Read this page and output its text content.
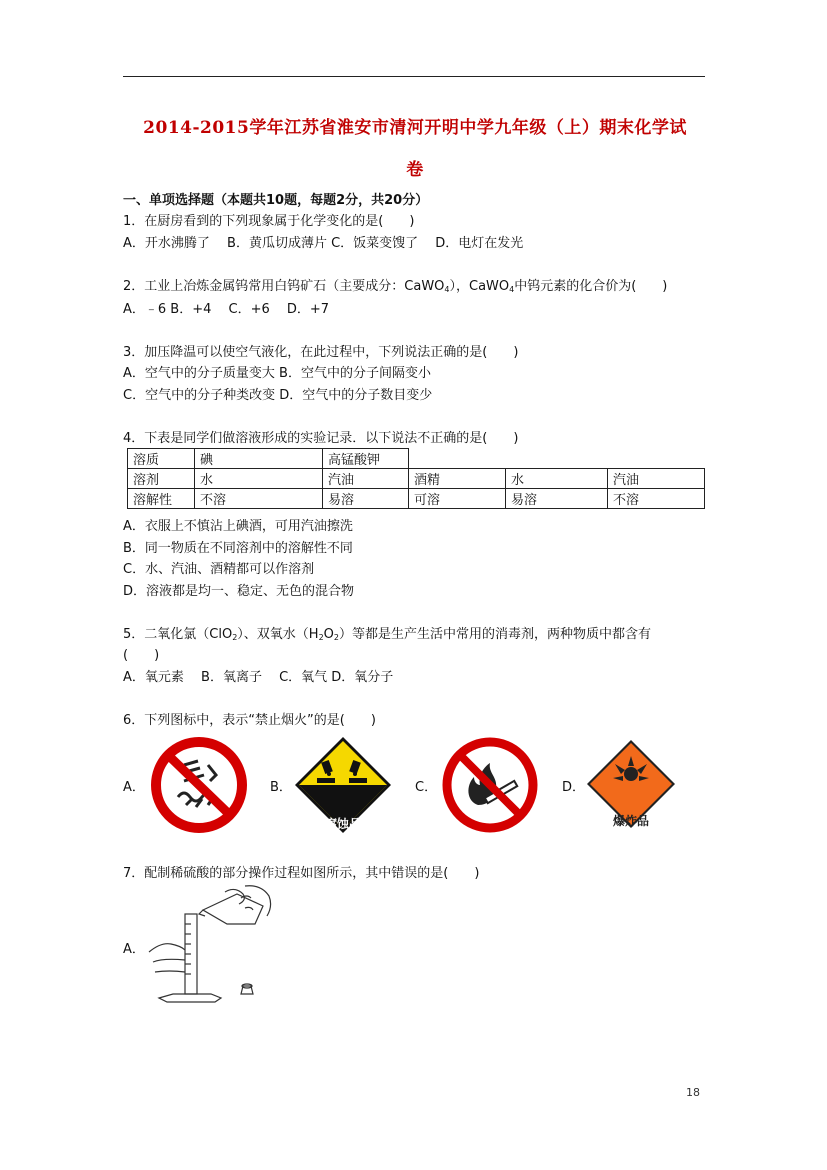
2014-2015学年江苏省淮安市清河开明中学九年级（上）期末化学试
卷
一、单项选择题（本题共10题，每题2分，共20分）
1．在厨房看到的下列现象属于化学变化的是(　　)
A．开水沸腾了　 B．黄瓜切成薄片 C．饭菜变馊了　 D．电灯在发光
2．工业上冶炼金属钨常用白钨矿石（主要成分：CaWO$_4$），CaWO$_4$中钨元素的化合价为(　　)
A．﹣6 B．+4　 C．+6　 D．+7
3．加压降温可以使空气液化，在此过程中，下列说法正确的是(　　)
A．空气中的分子质量变大 B．空气中的分子间隔变小
C．空气中的分子种类改变 D．空气中的分子数目变少
4．下表是同学们做溶液形成的实验记录．以下说法不正确的是(　　)
溶质	碘	高锰酸钾			
溶剂	水	汽油	酒精	水	汽油
溶解性	不溶	易溶	可溶	易溶	不溶
A．衣服上不慎沾上碘酒，可用汽油擦洗
B．同一物质在不同溶剂中的溶解性不同
C．水、汽油、酒精都可以作溶剂
D．溶液都是均一、稳定、无色的混合物
5．二氧化氯（ClO$_2$）、双氧水$(H_2O_2)$等都是生产生活中常用的消毒剂，两种物质中都含有
(　　)
A．氧元素　 B．氧离子　 C．氧气 D．氧分子
6．下列图标中，表示“禁止烟火”的是(　　)
A．	B．	C．	D．
腐蚀品	爆炸品
7．配制稀硫酸的部分操作过程如图所示，其中错误的是(　　)
A．
18
